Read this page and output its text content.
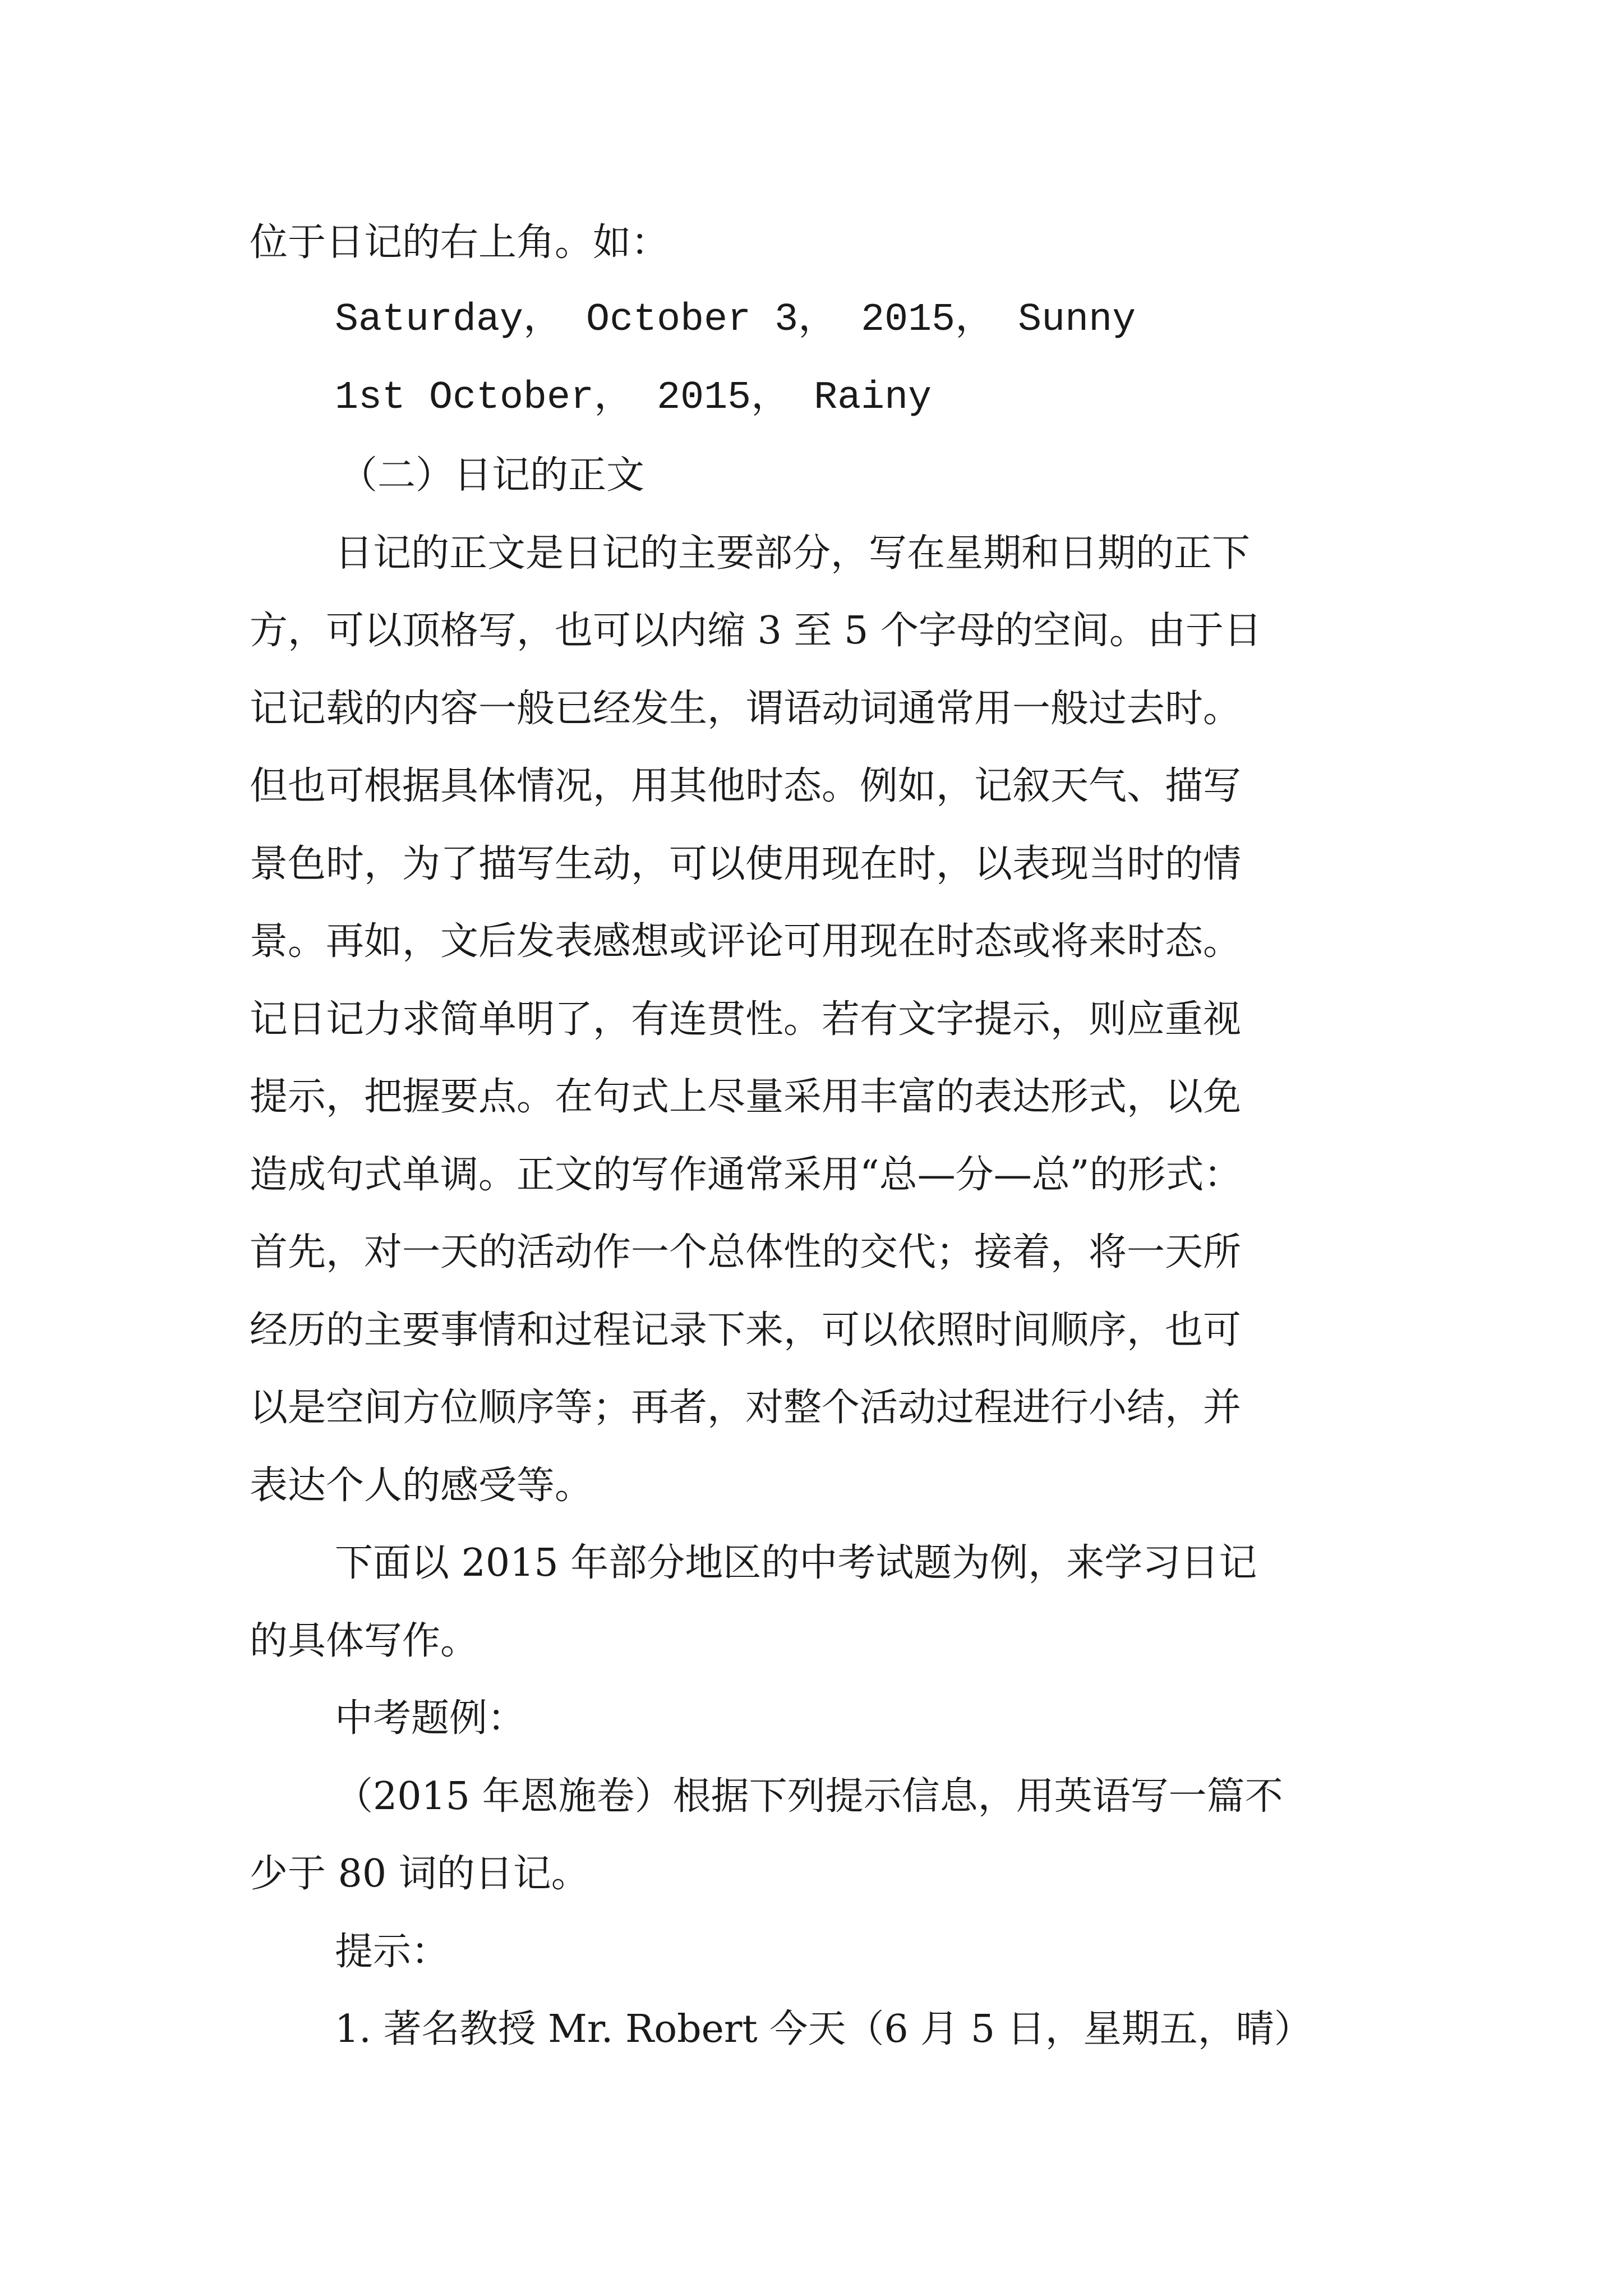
位于日记的右上角。如：
Saturday， October 3， 2015， Sunny
1st October， 2015， Rainy
（二）日记的正文
日记的正文是日记的主要部分，写在星期和日期的正下
方，可以顶格写，也可以内缩 3 至 5 个字母的空间。由于日
记记载的内容一般已经发生，谓语动词通常用一般过去时。
但也可根据具体情况，用其他时态。例如，记叙天气、描写
景色时，为了描写生动，可以使用现在时，以表现当时的情
景。再如，文后发表感想或评论可用现在时态或将来时态。
记日记力求简单明了，有连贯性。若有文字提示，则应重视
提示，把握要点。在句式上尽量采用丰富的表达形式，以免
造成句式单调。正文的写作通常采用“总—分—总”的形式：
首先，对一天的活动作一个总体性的交代；接着，将一天所
经历的主要事情和过程记录下来，可以依照时间顺序，也可
以是空间方位顺序等；再者，对整个活动过程进行小结，并
表达个人的感受等。
下面以 2015 年部分地区的中考试题为例，来学习日记
的具体写作。
中考题例：
（2015 年恩施卷）根据下列提示信息，用英语写一篇不
少于 80 词的日记。
提示：
1. 著名教授 Mr. Robert 今天（6 月 5 日，星期五，晴）
